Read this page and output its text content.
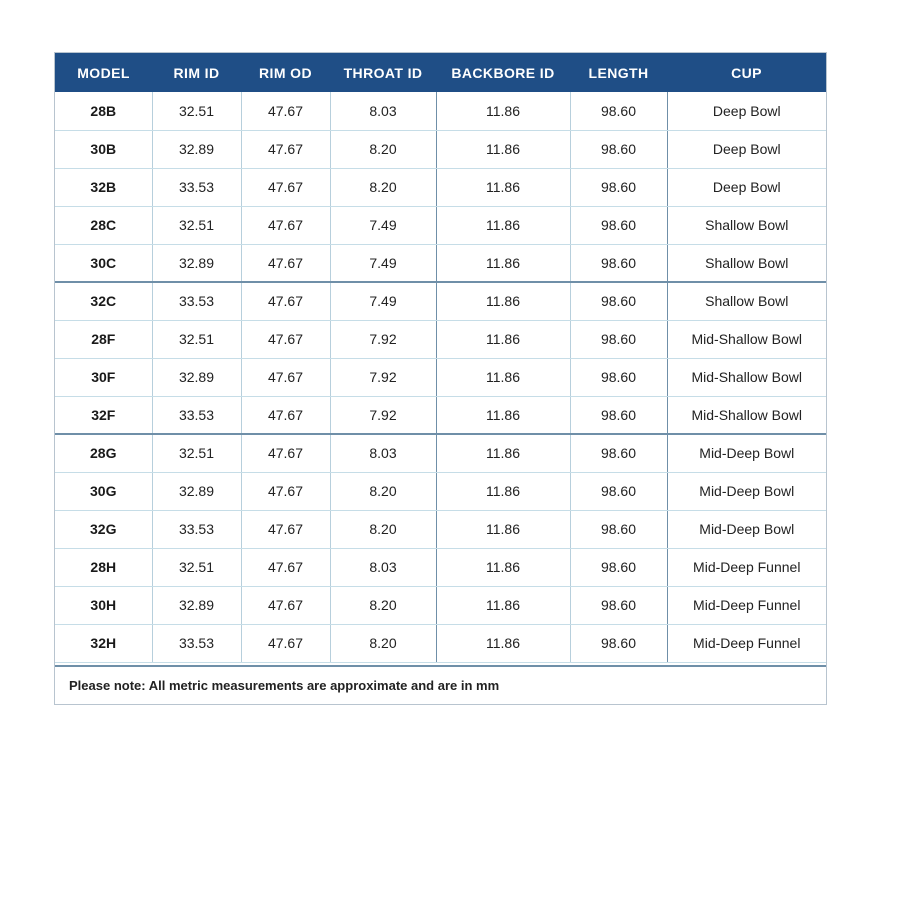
MODEL	RIM ID	RIM OD	THROAT ID	BACKBORE ID	LENGTH	CUP
28B	32.51	47.67	8.03	11.86	98.60	Deep Bowl
30B	32.89	47.67	8.20	11.86	98.60	Deep Bowl
32B	33.53	47.67	8.20	11.86	98.60	Deep Bowl
28C	32.51	47.67	7.49	11.86	98.60	Shallow Bowl
30C	32.89	47.67	7.49	11.86	98.60	Shallow Bowl
32C	33.53	47.67	7.49	11.86	98.60	Shallow Bowl
28F	32.51	47.67	7.92	11.86	98.60	Mid-Shallow Bowl
30F	32.89	47.67	7.92	11.86	98.60	Mid-Shallow Bowl
32F	33.53	47.67	7.92	11.86	98.60	Mid-Shallow Bowl
28G	32.51	47.67	8.03	11.86	98.60	Mid-Deep Bowl
30G	32.89	47.67	8.20	11.86	98.60	Mid-Deep Bowl
32G	33.53	47.67	8.20	11.86	98.60	Mid-Deep Bowl
28H	32.51	47.67	8.03	11.86	98.60	Mid-Deep Funnel
30H	32.89	47.67	8.20	11.86	98.60	Mid-Deep Funnel
32H	33.53	47.67	8.20	11.86	98.60	Mid-Deep Funnel
Please note: All metric measurements are approximate and are in mm
